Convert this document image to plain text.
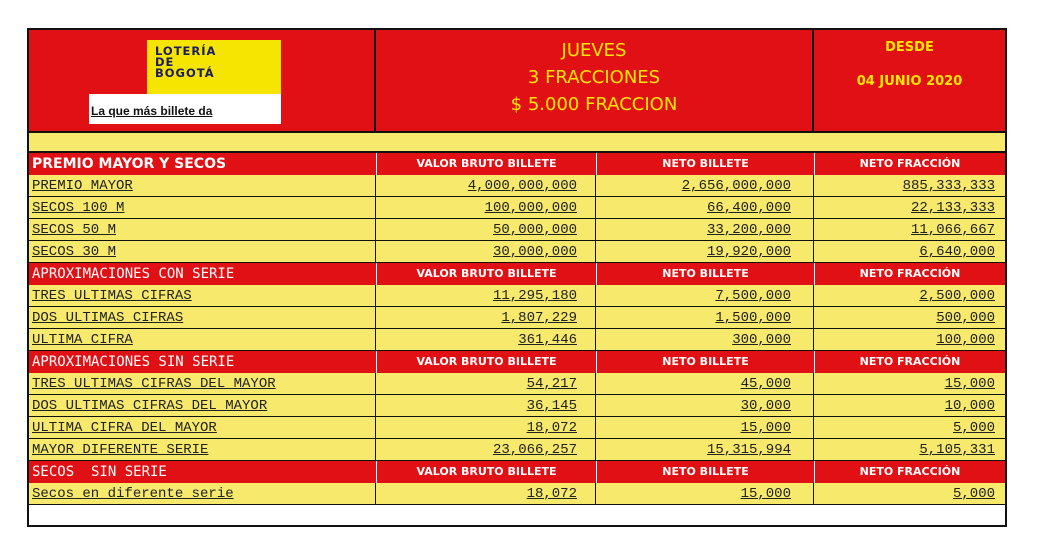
LOTERÍA
DE
BOGOTÁ
La que más billete da
JUEVES
3 FRACCIONES
$ 5.000 FRACCION
DESDE
04 JUNIO 2020
PREMIO MAYOR Y SECOS	VALOR BRUTO BILLETE	NETO BILLETE	NETO FRACCIÓN
PREMIO MAYOR	4,000,000,000	2,656,000,000	885,333,333
SECOS 100 M	100,000,000	66,400,000	22,133,333
SECOS 50 M	50,000,000	33,200,000	11,066,667
SECOS 30 M	30,000,000	19,920,000	6,640,000
APROXIMACIONES CON SERIE	VALOR BRUTO BILLETE	NETO BILLETE	NETO FRACCIÓN
TRES ULTIMAS CIFRAS	11,295,180	7,500,000	2,500,000
DOS ULTIMAS CIFRAS	1,807,229	1,500,000	500,000
ULTIMA CIFRA	361,446	300,000	100,000
APROXIMACIONES SIN SERIE	VALOR BRUTO BILLETE	NETO BILLETE	NETO FRACCIÓN
TRES ULTIMAS CIFRAS DEL MAYOR	54,217	45,000	15,000
DOS ULTIMAS CIFRAS DEL MAYOR	36,145	30,000	10,000
ULTIMA CIFRA DEL MAYOR	18,072	15,000	5,000
MAYOR DIFERENTE SERIE	23,066,257	15,315,994	5,105,331
SECOS  SIN SERIE	VALOR BRUTO BILLETE	NETO BILLETE	NETO FRACCIÓN
Secos en diferente serie	18,072	15,000	5,000
